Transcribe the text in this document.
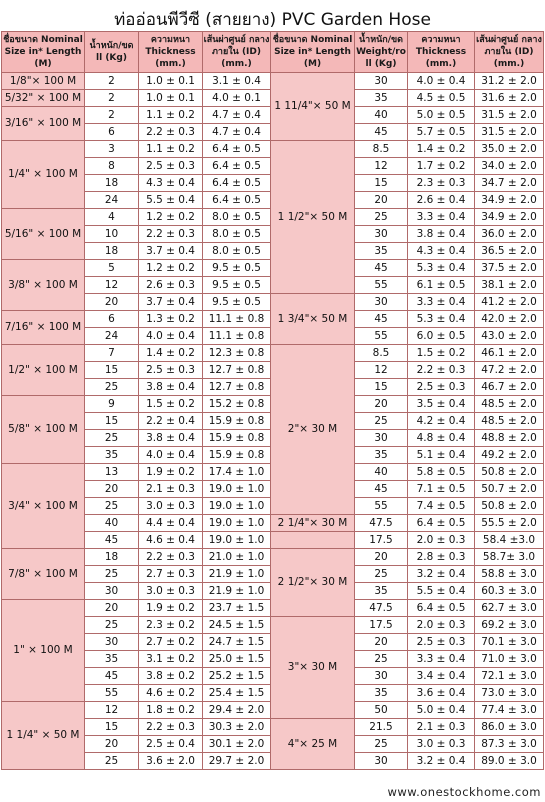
ท่ออ่อนพีวีซี (สายยาง) PVC Garden Hose
ชื่อขนาด Nominal Size in* Length (M)	น้ำหนัก/ขด ll (Kg)	ความหนา Thickness (mm.)	เส้นผ่าศูนย์ กลางภายใน (ID) (mm.)	ชื่อขนาด Nominal Size in* Length (M)	น้ำหนัก/ขด Weight/ro ll (Kg)	ความหนา Thickness (mm.)	เส้นผ่าศูนย์ กลางภายใน (ID) (mm.)
1/8"× 100 M	2	1.0 ± 0.1	3.1 ± 0.4	1 11/4"× 50 M	30	4.0 ± 0.4	31.2 ± 2.0
5/32" × 100 M	2	1.0 ± 0.1	4.0 ± 0.1		35	4.5 ± 0.5	31.6 ± 2.0
3/16" × 100 M	2	1.1 ± 0.2	4.7 ± 0.4		40	5.0 ± 0.5	31.5 ± 2.0
	6	2.2 ± 0.3	4.7 ± 0.4		45	5.7 ± 0.5	31.5 ± 2.0
1/4" × 100 M	3	1.1 ± 0.2	6.4 ± 0.5	1 1/2"× 50 M	8.5	1.4 ± 0.2	35.0 ± 2.0
	8	2.5 ± 0.3	6.4 ± 0.5		12	1.7 ± 0.2	34.0 ± 2.0
	18	4.3 ± 0.4	6.4 ± 0.5		15	2.3 ± 0.3	34.7 ± 2.0
	24	5.5 ± 0.4	6.4 ± 0.5		20	2.6 ± 0.4	34.9 ± 2.0
5/16" × 100 M	4	1.2 ± 0.2	8.0 ± 0.5		25	3.3 ± 0.4	34.9 ± 2.0
	10	2.2 ± 0.3	8.0 ± 0.5		30	3.8 ± 0.4	36.0 ± 2.0
	18	3.7 ± 0.4	8.0 ± 0.5		35	4.3 ± 0.4	36.5 ± 2.0
3/8" × 100 M	5	1.2 ± 0.2	9.5 ± 0.5		45	5.3 ± 0.4	37.5 ± 2.0
	12	2.6 ± 0.3	9.5 ± 0.5		55	6.1 ± 0.5	38.1 ± 2.0
	20	3.7 ± 0.4	9.5 ± 0.5	1 3/4"× 50 M	30	3.3 ± 0.4	41.2 ± 2.0
7/16" × 100 M	6	1.3 ± 0.2	11.1 ± 0.8		45	5.3 ± 0.4	42.0 ± 2.0
	24	4.0 ± 0.4	11.1 ± 0.8		55	6.0 ± 0.5	43.0 ± 2.0
1/2" × 100 M	7	1.4 ± 0.2	12.3 ± 0.8	2"× 30 M	8.5	1.5 ± 0.2	46.1 ± 2.0
	15	2.5 ± 0.3	12.7 ± 0.8		12	2.2 ± 0.3	47.2 ± 2.0
	25	3.8 ± 0.4	12.7 ± 0.8		15	2.5 ± 0.3	46.7 ± 2.0
5/8" × 100 M	9	1.5 ± 0.2	15.2 ± 0.8		20	3.5 ± 0.4	48.5 ± 2.0
	15	2.2 ± 0.4	15.9 ± 0.8		25	4.2 ± 0.4	48.5 ± 2.0
	25	3.8 ± 0.4	15.9 ± 0.8		30	4.8 ± 0.4	48.8 ± 2.0
	35	4.0 ± 0.4	15.9 ± 0.8		35	5.1 ± 0.4	49.2 ± 2.0
3/4" × 100 M	13	1.9 ± 0.2	17.4 ± 1.0		40	5.8 ± 0.5	50.8 ± 2.0
	20	2.1 ± 0.3	19.0 ± 1.0		45	7.1 ± 0.5	50.7 ± 2.0
	25	3.0 ± 0.3	19.0 ± 1.0		55	7.4 ± 0.5	50.8 ± 2.0
	40	4.4 ± 0.4	19.0 ± 1.0	2 1/4"× 30 M	47.5	6.4 ± 0.5	55.5 ± 2.0
	45	4.6 ± 0.4	19.0 ± 1.0		17.5	2.0 ± 0.3	58.4 ±3.0
7/8" × 100 M	18	2.2 ± 0.3	21.0 ± 1.0	2 1/2"× 30 M	20	2.8 ± 0.3	58.7± 3.0
	25	2.7 ± 0.3	21.9 ± 1.0		25	3.2 ± 0.4	58.8 ± 3.0
	30	3.0 ± 0.3	21.9 ± 1.0		35	5.5 ± 0.4	60.3 ± 3.0
1" × 100 M	20	1.9 ± 0.2	23.7 ± 1.5		47.5	6.4 ± 0.5	62.7 ± 3.0
	25	2.3 ± 0.2	24.5 ± 1.5	3"× 30 M	17.5	2.0 ± 0.3	69.2 ± 3.0
	30	2.7 ± 0.2	24.7 ± 1.5		20	2.5 ± 0.3	70.1 ± 3.0
	35	3.1 ± 0.2	25.0 ± 1.5		25	3.3 ± 0.4	71.0 ± 3.0
	45	3.8 ± 0.2	25.2 ± 1.5		30	3.4 ± 0.4	72.1 ± 3.0
	55	4.6 ± 0.2	25.4 ± 1.5		35	3.6 ± 0.4	73.0 ± 3.0
1 1/4" × 50 M	12	1.8 ± 0.2	29.4 ± 2.0		50	5.0 ± 0.4	77.4 ± 3.0
	15	2.2 ± 0.3	30.3 ± 2.0	4"× 25 M	21.5	2.1 ± 0.3	86.0 ± 3.0
	20	2.5 ± 0.4	30.1 ± 2.0		25	3.0 ± 0.3	87.3 ± 3.0
	25	3.6 ± 2.0	29.7 ± 2.0		30	3.2 ± 0.4	89.0 ± 3.0
www.onestockhome.com
